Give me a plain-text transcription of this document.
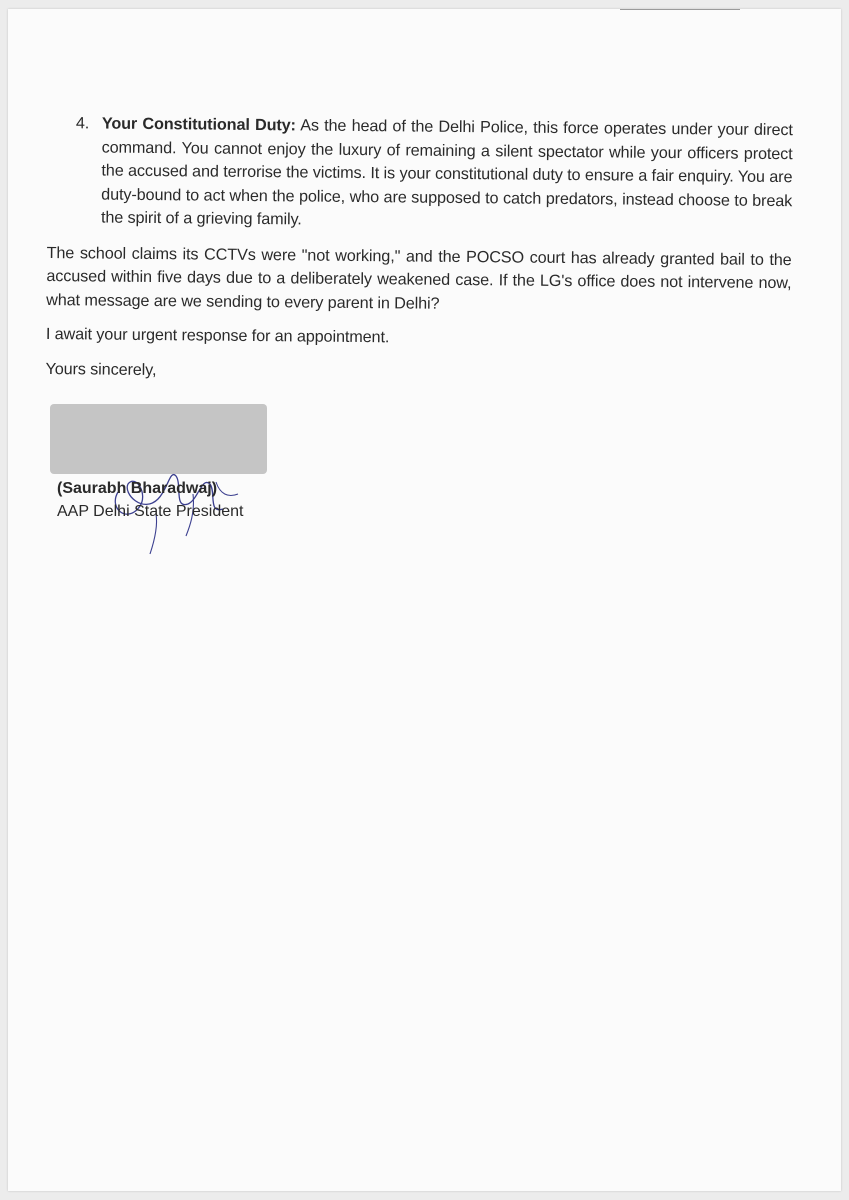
4. Your Constitutional Duty: As the head of the Delhi Police, this force operates under your direct command. You cannot enjoy the luxury of remaining a silent spectator while your officers protect the accused and terrorise the victims. It is your constitutional duty to ensure a fair enquiry. You are duty-bound to act when the police, who are supposed to catch predators, instead choose to break the spirit of a grieving family.

The school claims its CCTVs were "not working," and the POCSO court has already granted bail to the accused within five days due to a deliberately weakened case. If the LG's office does not intervene now, what message are we sending to every parent in Delhi?

I await your urgent response for an appointment.

Yours sincerely,

(Saurabh Bharadwaj)
AAP Delhi State President
